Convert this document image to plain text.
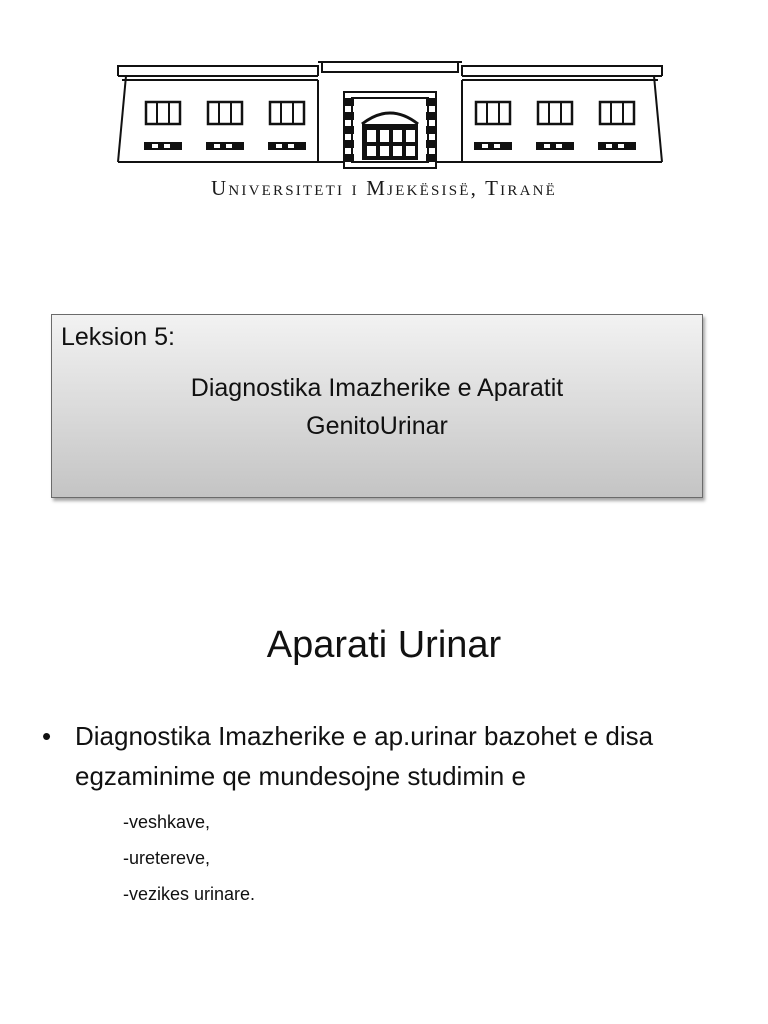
Universiteti i Mjekësisë, Tiranë
Leksion 5:
Diagnostika Imazherike e Aparatit
GenitoUrinar
Aparati Urinar
• Diagnostika Imazherike e ap.urinar bazohet e disa egzaminime qe mundesojne studimin e
-veshkave,
-uretereve,
-vezikes urinare.
